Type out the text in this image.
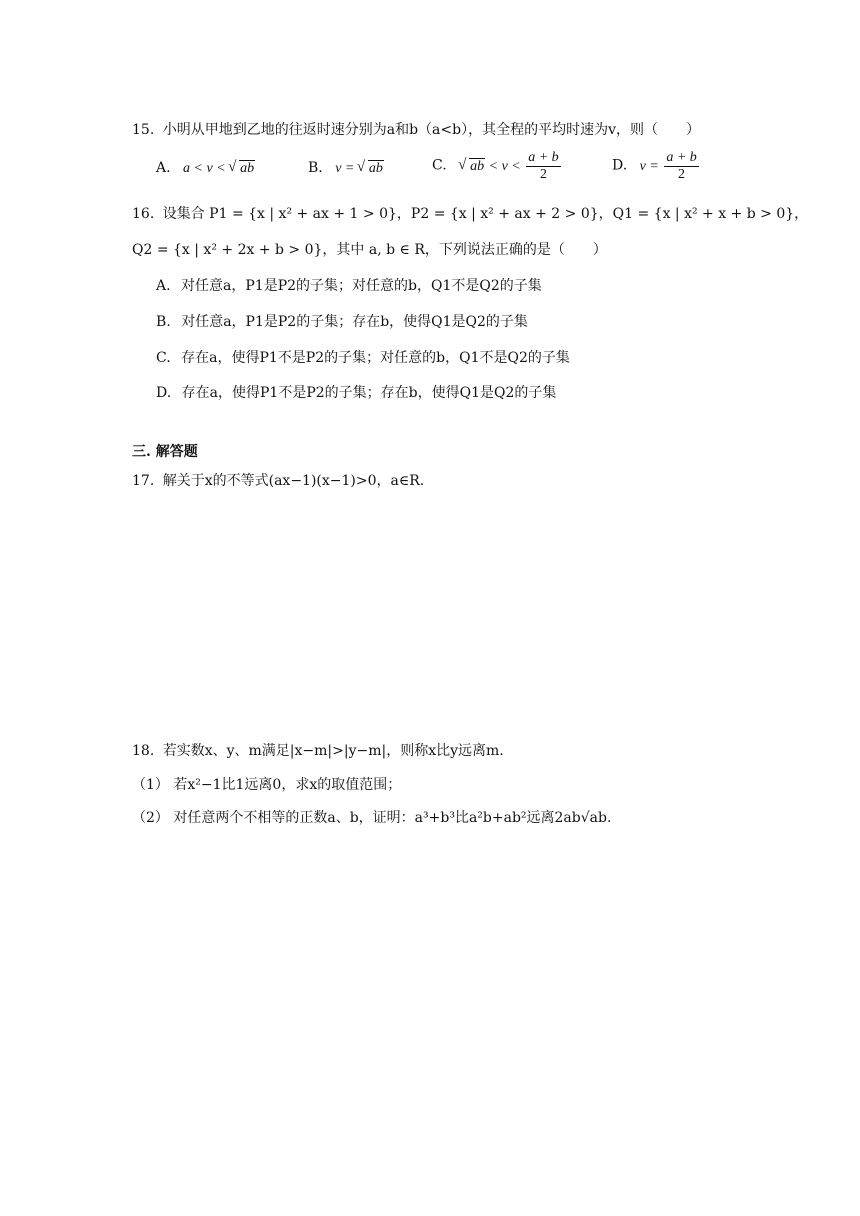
15. 小明从甲地到乙地的往返时速分别为a和b（a<b），其全程的平均时速为v，则（　　）
A. a < v < √ ab	B. v = √ ab	C. √ ab < $v < \frac{a + b}{2}$	D. $v = \frac{a + b}{2}$
16. 设集合 P1 = {x | x² + ax + 1 > 0}，P2 = {x | x² + ax + 2 > 0}，Q1 = {x | x² + x + b > 0}，
Q2 = {x | x² + 2x + b > 0}，其中 a, b ∈ R，下列说法正确的是（　　）
A. 对任意a，P1是P2的子集；对任意的b，Q1不是Q2的子集
B. 对任意a，P1是P2的子集；存在b，使得Q1是Q2的子集
C. 存在a，使得P1不是P2的子集；对任意的b，Q1不是Q2的子集
D. 存在a，使得P1不是P2的子集；存在b，使得Q1是Q2的子集
三. 解答题
17. 解关于x的不等式(ax−1)(x−1)>0，a∈R.
18. 若实数x、y、m满足|x−m|>|y−m|，则称x比y远离m.
（1） 若x²−1比1远离0，求x的取值范围；
（2） 对任意两个不相等的正数a、b，证明：a³+b³比a²b+ab²远离2ab√ab.
